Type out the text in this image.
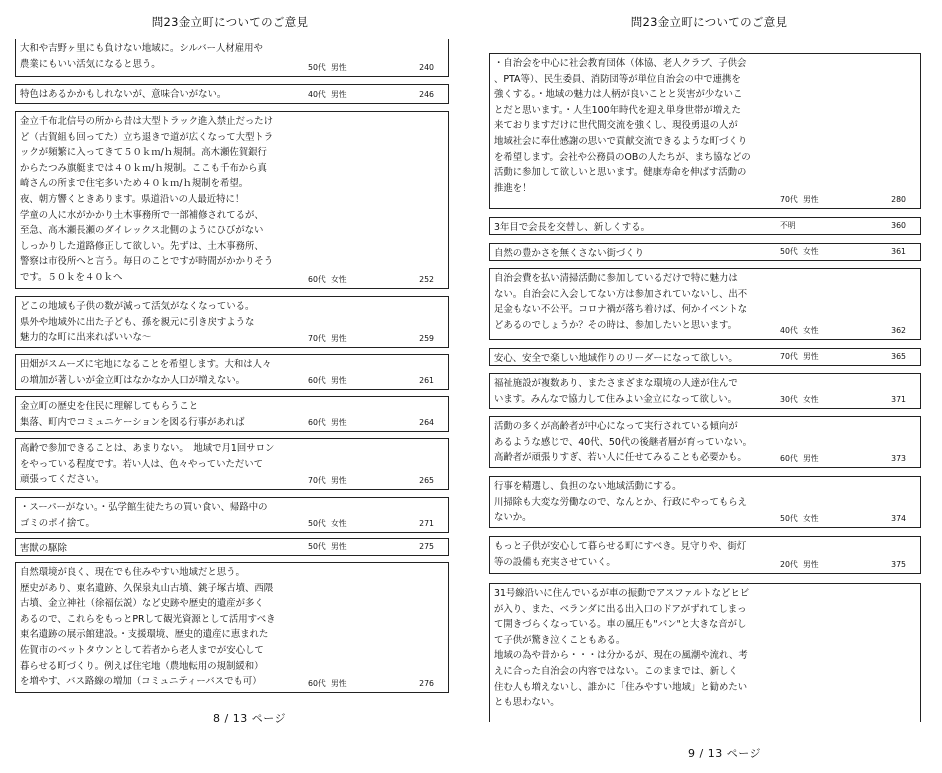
問23金立町についてのご意見
大和や吉野ヶ里にも負けない地域に。シルバー人材雇用や
農業にもいい活気になると思う。	50代 男性	240
特色はあるかかもしれないが、意味合いがない。	40代 男性	246
金立千布北信号の所から昔は大型トラック進入禁止だったけ
ど（古賀組も回ってた）立ち退きで道が広くなって大型トラ
ックが頻繁に入ってきて５０ｋｍ/ｈ規制。高木瀬佐賀銀行
からたつみ旗艇までは４０ｋｍ/ｈ規制。ここも千布から真
崎さんの所まで住宅多いため４０ｋｍ/ｈ規制を希望。
夜、朝方響くときあります。県道沿いの人最近特に！
学童の人に水がかかり土木事務所で一部補修されてるが、
至急、高木瀬長瀬のダイレックス北側のようにひびがない
しっかりした道路修正して欲しい。先ずは、土木事務所、
警察は市役所へと言う。毎日のことですが時間がかかりそう
です。５０ｋを４０ｋへ	60代 女性	252
どこの地域も子供の数が減って活気がなくなっている。
県外や地域外に出た子ども、孫を親元に引き戻すような
魅力的な町に出来ればいいな～	70代 男性	259
田畑がスムーズに宅地になることを希望します。大和は人々
の増加が著しいが金立町はなかなか人口が増えない。	60代 男性	261
金立町の歴史を住民に理解してもらうこと
集落、町内でコミュニケーションを図る行事があれば	60代 男性	264
高齢で参加できることは、あまりない。　地域で月1回サロン
をやっている程度です。若い人は、色々やっていただいて
頑張ってください。	70代 男性	265
・スーパーがない。・弘学館生徒たちの買い食い、帰路中の
ゴミのポイ捨て。	50代 女性	271
害獣の駆除	50代 男性	275
自然環境が良く、現在でも住みやすい地域だと思う。
歴史があり、東名遺跡、久保泉丸山古墳、銚子塚古墳、西隈
古墳、金立神社（徐福伝説）など史跡や歴史的遺産が多く
あるので、これらをもっとPRして観光資源として活用すべき
東名遺跡の展示館建設。・支援環境、歴史的遺産に恵まれた
佐賀市のベットタウンとして若者から老人までが安心して
暮らせる町づくり。例えば住宅地（農地転用の規制緩和）
を増やす、バス路線の増加（コミュニティーバスでも可）	60代 男性	276
8 / 13 ページ
問23金立町についてのご意見
・自治会を中心に社会教育団体（体協、老人クラブ、子供会
、PTA等）、民生委員、消防団等が単位自治会の中で連携を
強くする。・地域の魅力は人柄が良いことと災害が少ないこ
とだと思います。・人生100年時代を迎え単身世帯が増えた
来ておりますだけに世代間交流を強くし、現役勇退の人が
地域社会に奉仕感謝の思いで貢献交流できるような町づくり
を希望します。会社や公務員のOBの人たちが、まち協などの
活動に参加して欲しいと思います。健康寿命を伸ばす活動の
推進を！
70代 男性	280
3年目で会長を交替し、新しくする。	不明	360
自然の豊かさを無くさない街づくり	50代 女性	361
自治会費を払い清掃活動に参加しているだけで特に魅力は
ない。自治会に入会してない方は参加されていないし、出不
足金もない不公平。コロナ禍が落ち着けば、何かイベントな
どあるのでしょうか？その時は、参加したいと思います。	40代 女性	362
安心、安全で楽しい地域作りのリーダーになって欲しい。	70代 男性	365
福祉施設が複数あり、またさまざまな環境の人達が住んで
います。みんなで協力して住みよい金立になって欲しい。	30代 女性	371
活動の多くが高齢者が中心になって実行されている傾向が
あるような感じで、40代、50代の後継者層が育っていない。
高齢者が頑張りすぎ、若い人に任せてみることも必要かも。	60代 男性	373
行事を精選し、負担のない地域活動にする。
川掃除も大変な労働なので、なんとか、行政にやってもらえ
ないか。	50代 女性	374
もっと子供が安心して暮らせる町にすべき。見守りや、街灯
等の設備も充実させていく。	20代 男性	375
31号線沿いに住んでいるが車の振動でアスファルトなどヒビ
が入り、また、ベランダに出る出入口のドアがずれてしまっ
て開きづらくなっている。車の風圧も"バン"と大きな音がし
て子供が驚き泣くこともある。
地域の為や昔から・・・は分かるが、現在の風潮や流れ、考
えに合った自治会の内容ではない。このままでは、新しく
住む人も増えないし、誰かに「住みやすい地域」と勧めたい
とも思わない。
9 / 13 ページ
